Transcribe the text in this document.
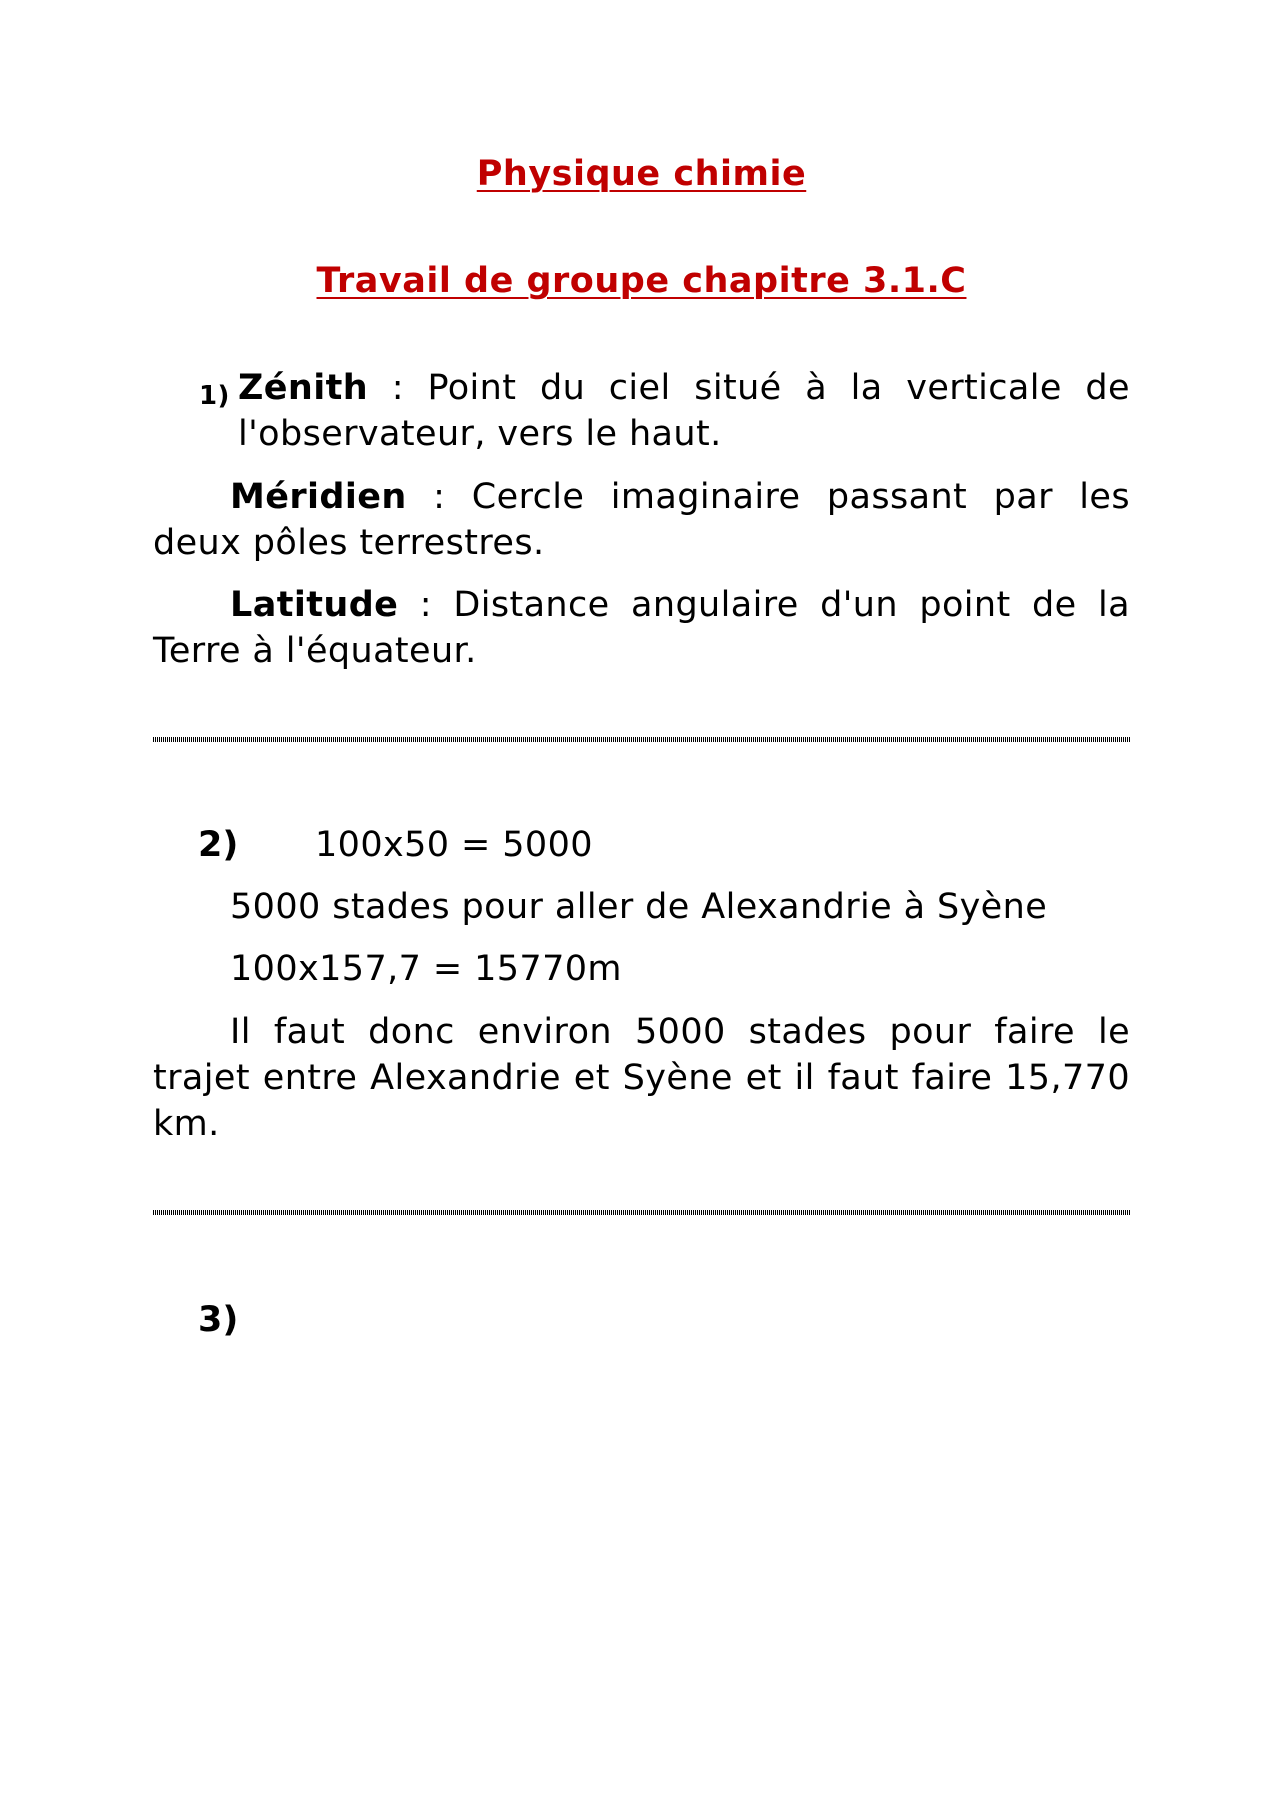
Physique chimie
Travail de groupe chapitre 3.1.C
1) Zénith : Point du ciel situé à la verticale de
l'observateur, vers le haut.

Méridien : Cercle imaginaire passant par les deux pôles terrestres.

Latitude : Distance angulaire d'un point de la Terre à l'équateur.

2) 100x50 = 5000

5000 stades pour aller de Alexandrie à Syène

100x157,7 = 15770m

Il faut donc environ 5000 stades pour faire le trajet entre Alexandrie et Syène et il faut faire 15,770 km.

3)
